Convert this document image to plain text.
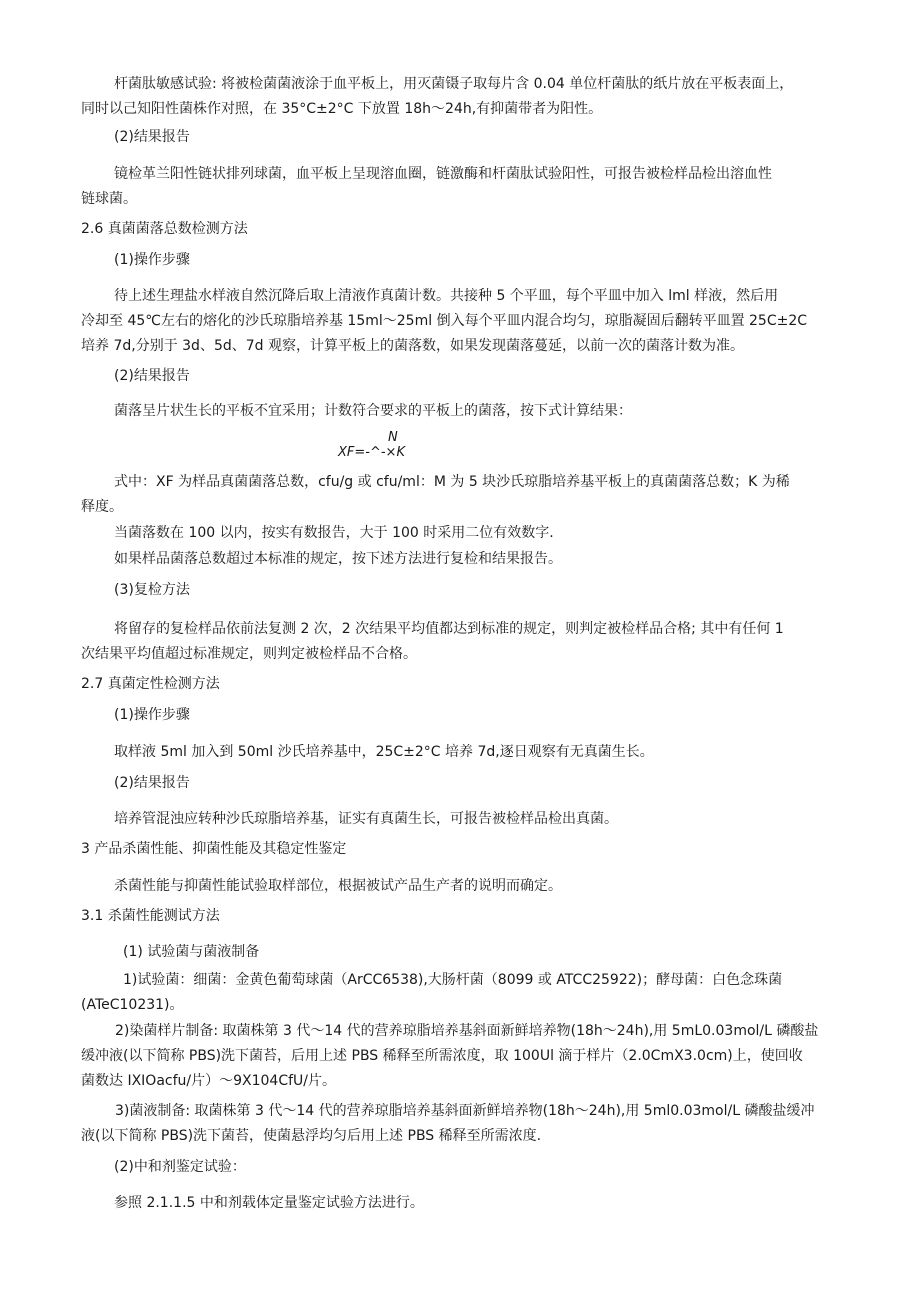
杆菌肽敏感试验: 将被检菌菌液涂于血平板上，用灭菌镊子取每片含 0.04 单位杆菌肽的纸片放在平板表面上，

同时以己知阳性菌株作对照，在 35°C±2°C 下放置 18h～24h,有抑菌带者为阳性。

(2)结果报告

镜检革兰阳性链状排列球菌，血平板上呈现溶血圈，链激酶和杆菌肽试验阳性，可报告被检样品检出溶血性

链球菌。

2.6 真菌菌落总数检测方法

(1)操作步骤

待上述生理盐水样液自然沉降后取上清液作真菌计数。共接种 5 个平皿，每个平皿中加入 lml 样液，然后用

冷却至 45℃左右的熔化的沙氏琼脂培养基 15ml～25ml 倒入每个平皿内混合均匀，琼脂凝固后翻转平皿置 25C±2C

培养 7d,分别于 3d、5d、7d 观察，计算平板上的菌落数，如果发现菌落蔓延，以前一次的菌落计数为准。

(2)结果报告

菌落呈片状生长的平板不宜采用；计数符合要求的平板上的菌落，按下式计算结果：

N
XF=-^-×K

式中：XF 为样品真菌菌落总数，cfu/g 或 cfu/ml：M 为 5 块沙氏琼脂培养基平板上的真菌菌落总数；K 为稀

释度。

当菌落数在 100 以内，按实有数报告，大于 100 时采用二位有效数字.

如果样品菌落总数超过本标准的规定，按下述方法进行复检和结果报告。

(3)复检方法

将留存的复检样品依前法复测 2 次，2 次结果平均值都达到标准的规定，则判定被检样品合格; 其中有任何 1

次结果平均值超过标准规定，则判定被检样品不合格。

2.7 真菌定性检测方法

(1)操作步骤

取样液 5ml 加入到 50ml 沙氏培养基中，25C±2°C 培养 7d,逐日观察有无真菌生长。

(2)结果报告

培养管混浊应转种沙氏琼脂培养基，证实有真菌生长，可报告被检样品检出真菌。

3 产品杀菌性能、抑菌性能及其稳定性鉴定

杀菌性能与抑菌性能试验取样部位，根据被试产品生产者的说明而确定。

3.1 杀菌性能测试方法

(1) 试验菌与菌液制备

1)试验菌：细菌：金黄色葡萄球菌（ArCC6538),大肠杆菌（8099 或 ATCC25922)；酵母菌：白色念珠菌

(ATeC10231)。

2)染菌样片制备: 取菌株第 3 代～14 代的营养琼脂培养基斜面新鲜培养物(18h～24h),用 5mL0.03mol/L 磷酸盐

缓冲液(以下简称 PBS)洗下菌苔，后用上述 PBS 稀释至所需浓度，取 100Ul 滴于样片（2.0CmX3.0cm)上，使回收

菌数达 IXIOacfu/片）～9X104CfU/片。

3)菌液制备: 取菌株第 3 代～14 代的营养琼脂培养基斜面新鲜培养物(18h～24h),用 5ml0.03mol/L 磷酸盐缓冲

液(以下简称 PBS)洗下菌苔，使菌悬浮均匀后用上述 PBS 稀释至所需浓度.

(2)中和剂鉴定试验：

参照 2.1.1.5 中和剂载体定量鉴定试验方法进行。
